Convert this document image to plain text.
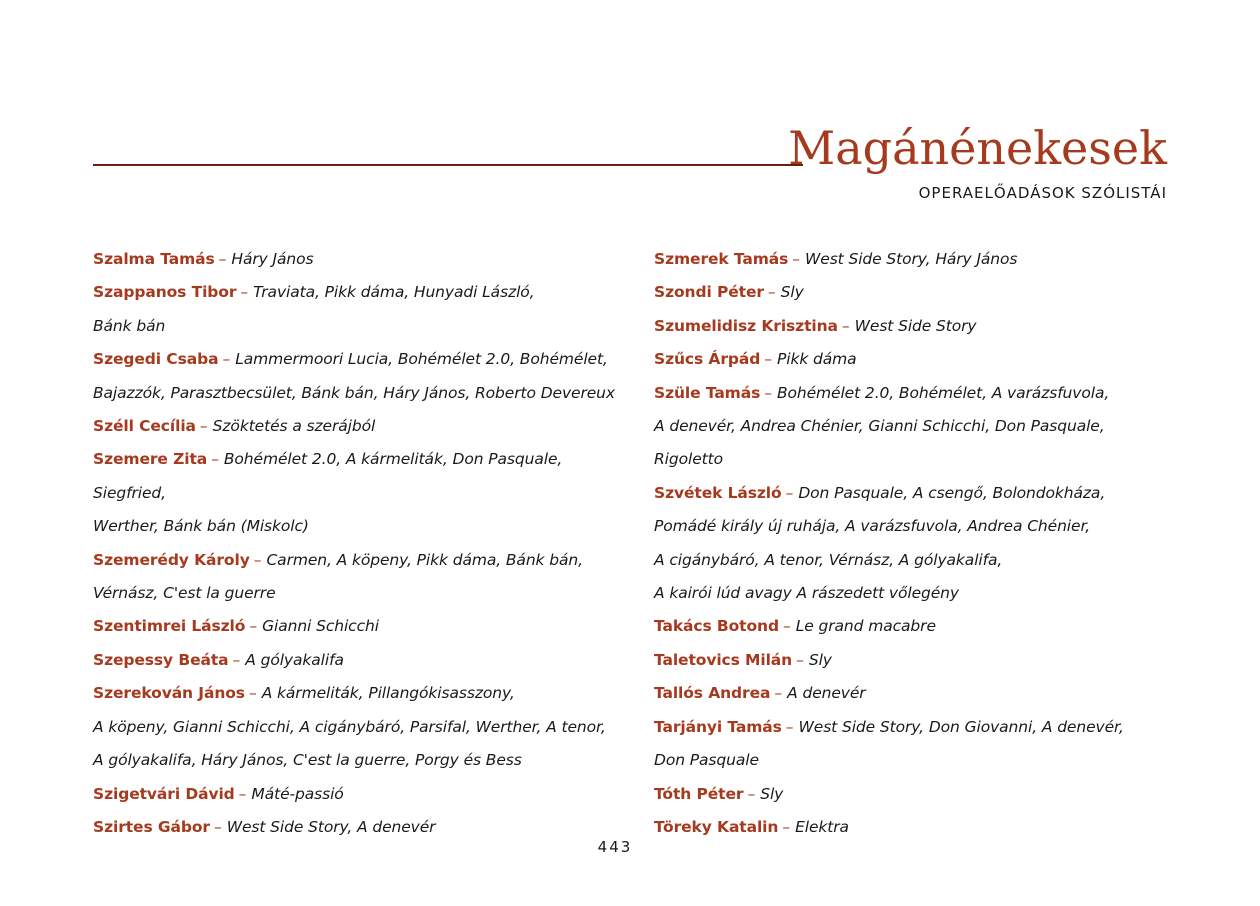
Magánénekesek
OPERAELŐADÁSOK SZÓLISTÁI
Szalma Tamás – Háry János
Szappanos Tibor – Traviata, Pikk dáma, Hunyadi László,
Bánk bán
Szegedi Csaba – Lammermoori Lucia, Bohémélet 2.0, Bohémélet,
Bajazzók, Parasztbecsület, Bánk bán, Háry János, Roberto Devereux
Széll Cecília – Szöktetés a szerájból
Szemere Zita – Bohémélet 2.0, A kármeliták, Don Pasquale, Siegfried,
Werther, Bánk bán (Miskolc)
Szemerédy Károly – Carmen, A köpeny, Pikk dáma, Bánk bán,
Vérnász, C'est la guerre
Szentimrei László – Gianni Schicchi
Szepessy Beáta – A gólyakalifa
Szerekován János – A kármeliták, Pillangókisasszony,
A köpeny, Gianni Schicchi, A cigánybáró, Parsifal, Werther, A tenor,
A gólyakalifa, Háry János, C'est la guerre, Porgy és Bess
Szigetvári Dávid – Máté-passió
Szirtes Gábor – West Side Story, A denevér
Szmerek Tamás – West Side Story, Háry János
Szondi Péter – Sly
Szumelidisz Krisztina – West Side Story
Szűcs Árpád – Pikk dáma
Szüle Tamás – Bohémélet 2.0, Bohémélet, A varázsfuvola,
A denevér, Andrea Chénier, Gianni Schicchi, Don Pasquale, Rigoletto
Szvétek László – Don Pasquale, A csengő, Bolondokháza,
Pomádé király új ruhája, A varázsfuvola, Andrea Chénier,
A cigánybáró, A tenor, Vérnász, A gólyakalifa,
A kairói lúd avagy A rászedett vőlegény
Takács Botond – Le grand macabre
Taletovics Milán – Sly
Tallós Andrea – A denevér
Tarjányi Tamás – West Side Story, Don Giovanni, A denevér,
Don Pasquale
Tóth Péter – Sly
Töreky Katalin – Elektra
443
